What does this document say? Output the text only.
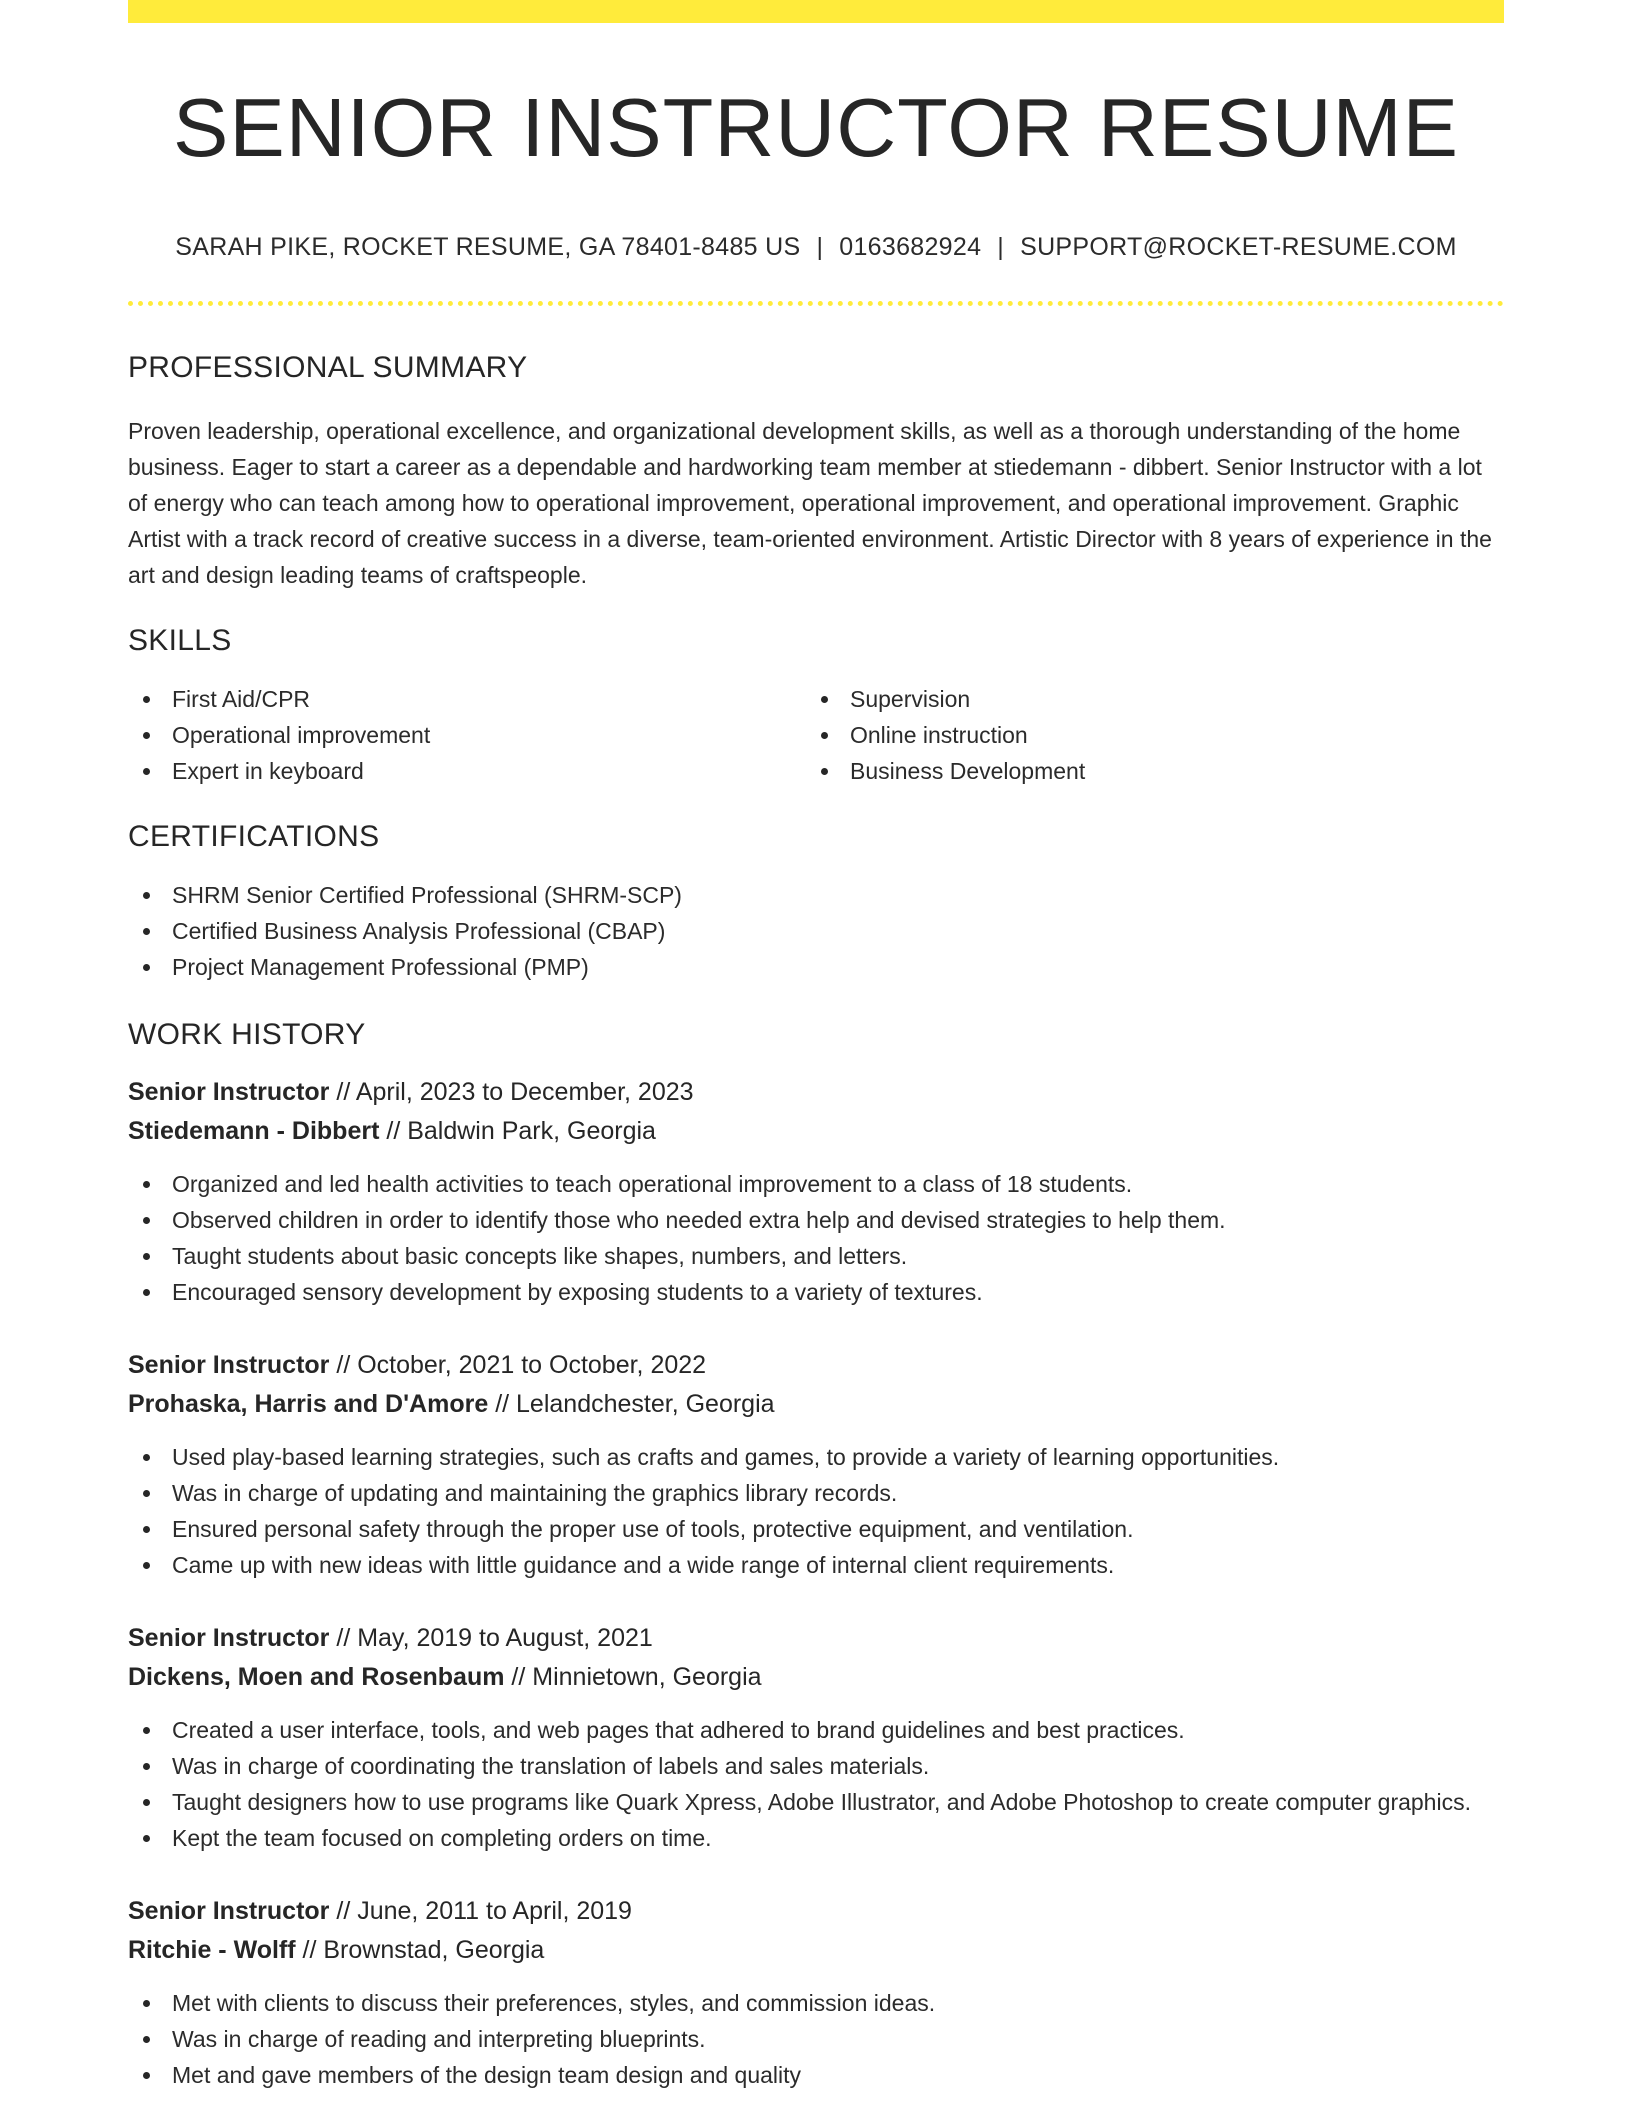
SENIOR INSTRUCTOR RESUME
SARAH PIKE, ROCKET RESUME, GA 78401-8485 US | 0163682924 | SUPPORT@ROCKET-RESUME.COM
PROFESSIONAL SUMMARY

Proven leadership, operational excellence, and organizational development skills, as well as a thorough understanding of the home business. Eager to start a career as a dependable and hardworking team member at stiedemann - dibbert. Senior Instructor with a lot of energy who can teach among how to operational improvement, operational improvement, and operational improvement. Graphic Artist with a track record of creative success in a diverse, team-oriented environment. Artistic Director with 8 years of experience in the art and design leading teams of craftspeople.

SKILLS
First Aid/CPR
Operational improvement
Expert in keyboard
Supervision
Online instruction
Business Development
CERTIFICATIONS
SHRM Senior Certified Professional (SHRM-SCP)
Certified Business Analysis Professional (CBAP)
Project Management Professional (PMP)
WORK HISTORY
Senior Instructor // April, 2023 to December, 2023
Stiedemann - Dibbert // Baldwin Park, Georgia
Organized and led health activities to teach operational improvement to a class of 18 students.
Observed children in order to identify those who needed extra help and devised strategies to help them.
Taught students about basic concepts like shapes, numbers, and letters.
Encouraged sensory development by exposing students to a variety of textures.
Senior Instructor // October, 2021 to October, 2022
Prohaska, Harris and D'Amore // Lelandchester, Georgia
Used play-based learning strategies, such as crafts and games, to provide a variety of learning opportunities.
Was in charge of updating and maintaining the graphics library records.
Ensured personal safety through the proper use of tools, protective equipment, and ventilation.
Came up with new ideas with little guidance and a wide range of internal client requirements.
Senior Instructor // May, 2019 to August, 2021
Dickens, Moen and Rosenbaum // Minnietown, Georgia
Created a user interface, tools, and web pages that adhered to brand guidelines and best practices.
Was in charge of coordinating the translation of labels and sales materials.
Taught designers how to use programs like Quark Xpress, Adobe Illustrator, and Adobe Photoshop to create computer graphics.
Kept the team focused on completing orders on time.
Senior Instructor // June, 2011 to April, 2019
Ritchie - Wolff // Brownstad, Georgia
Met with clients to discuss their preferences, styles, and commission ideas.
Was in charge of reading and interpreting blueprints.
Met and gave members of the design team design and quality
